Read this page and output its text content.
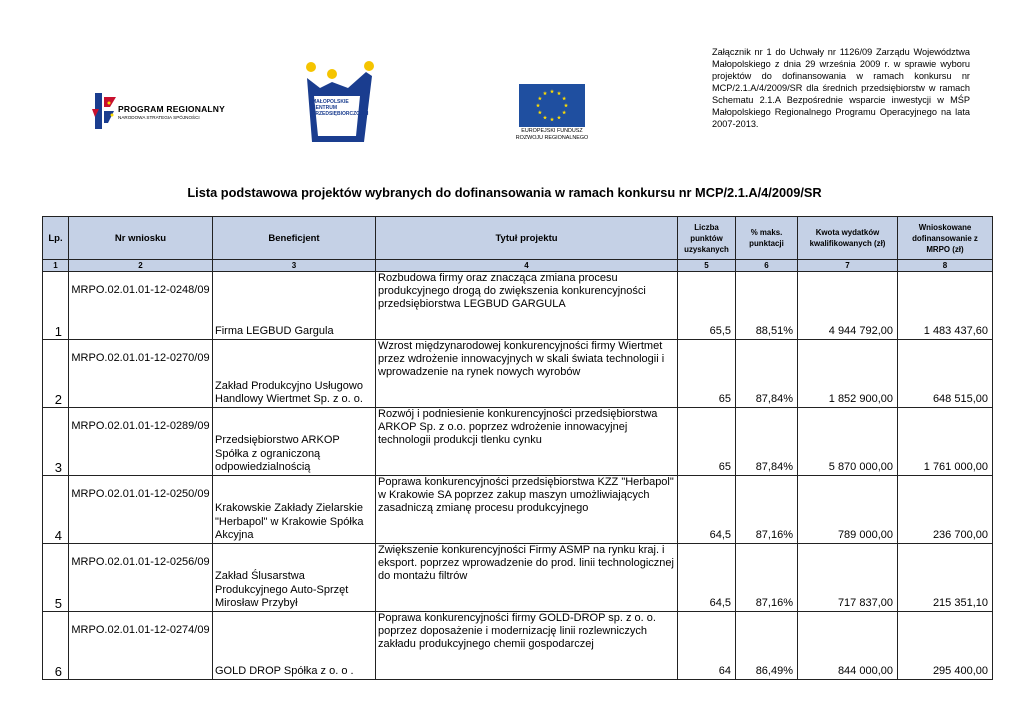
Załącznik nr 1 do Uchwały nr 1126/09 Zarządu Województwa Małopolskiego z dnia 29 września 2009 r. w sprawie wyboru projektów do dofinansowania w ramach konkursu nr MCP/2.1.A/4/2009/SR dla średnich przedsiębiorstw w ramach Schematu 2.1.A Bezpośrednie wsparcie inwestycji w MŚP Małopolskiego Regionalnego Programu Operacyjnego na lata 2007-2013.
PROGRAM REGIONALNY
NARODOWA STRATEGIA SPÓJNOŚCI
MAŁOPOLSKIE
CENTRUM
PRZEDSIĘBIORCZOŚCI
EUROPEJSKI FUNDUSZ
ROZWOJU REGIONALNEGO
Lista podstawowa projektów wybranych do dofinansowania w ramach konkursu nr MCP/2.1.A/4/2009/SR
Lp.	Nr wniosku	Beneficjent	Tytuł projektu	Liczba punktów uzyskanych	% maks. punktacji	Kwota wydatków kwalifikowanych (zł)	Wnioskowane dofinansowanie z MRPO (zł)
1	2	3	4	5	6	7	8
1	MRPO.02.01.01-12-0248/09	Firma LEGBUD Gargula	Rozbudowa firmy oraz znacząca zmiana procesu produkcyjnego drogą do zwiększenia konkurencyjności przedsiębiorstwa LEGBUD GARGULA	65,5	88,51%	4 944 792,00	1 483 437,60
2	MRPO.02.01.01-12-0270/09	Zakład Produkcyjno Usługowo Handlowy Wiertmet Sp. z o. o.	Wzrost międzynarodowej konkurencyjności firmy Wiertmet przez wdrożenie innowacyjnych w skali świata technologii i wprowadzenie na rynek nowych wyrobów	65	87,84%	1 852 900,00	648 515,00
3	MRPO.02.01.01-12-0289/09	Przedsiębiorstwo ARKOP Spółka z ograniczoną odpowiedzialnością	Rozwój i podniesienie konkurencyjności przedsiębiorstwa ARKOP Sp. z o.o. poprzez wdrożenie innowacyjnej technologii produkcji tlenku cynku	65	87,84%	5 870 000,00	1 761 000,00
4	MRPO.02.01.01-12-0250/09	Krakowskie Zakłady Zielarskie "Herbapol" w Krakowie Spółka Akcyjna	Poprawa konkurencyjności przedsiębiorstwa KZZ "Herbapol" w Krakowie SA poprzez zakup maszyn umożliwiających zasadniczą zmianę procesu produkcyjnego	64,5	87,16%	789 000,00	236 700,00
5	MRPO.02.01.01-12-0256/09	Zakład Ślusarstwa Produkcyjnego Auto-Sprzęt Mirosław Przybył	Zwiększenie konkurencyjności Firmy ASMP na rynku kraj. i eksport. poprzez wprowadzenie do prod. linii technologicznej do montażu filtrów	64,5	87,16%	717 837,00	215 351,10
6	MRPO.02.01.01-12-0274/09	GOLD DROP Spółka z o. o .	Poprawa konkurencyjności firmy GOLD-DROP sp. z o. o. poprzez doposażenie i modernizację linii rozlewniczych zakładu produkcyjnego chemii gospodarczej	64	86,49%	844 000,00	295 400,00
